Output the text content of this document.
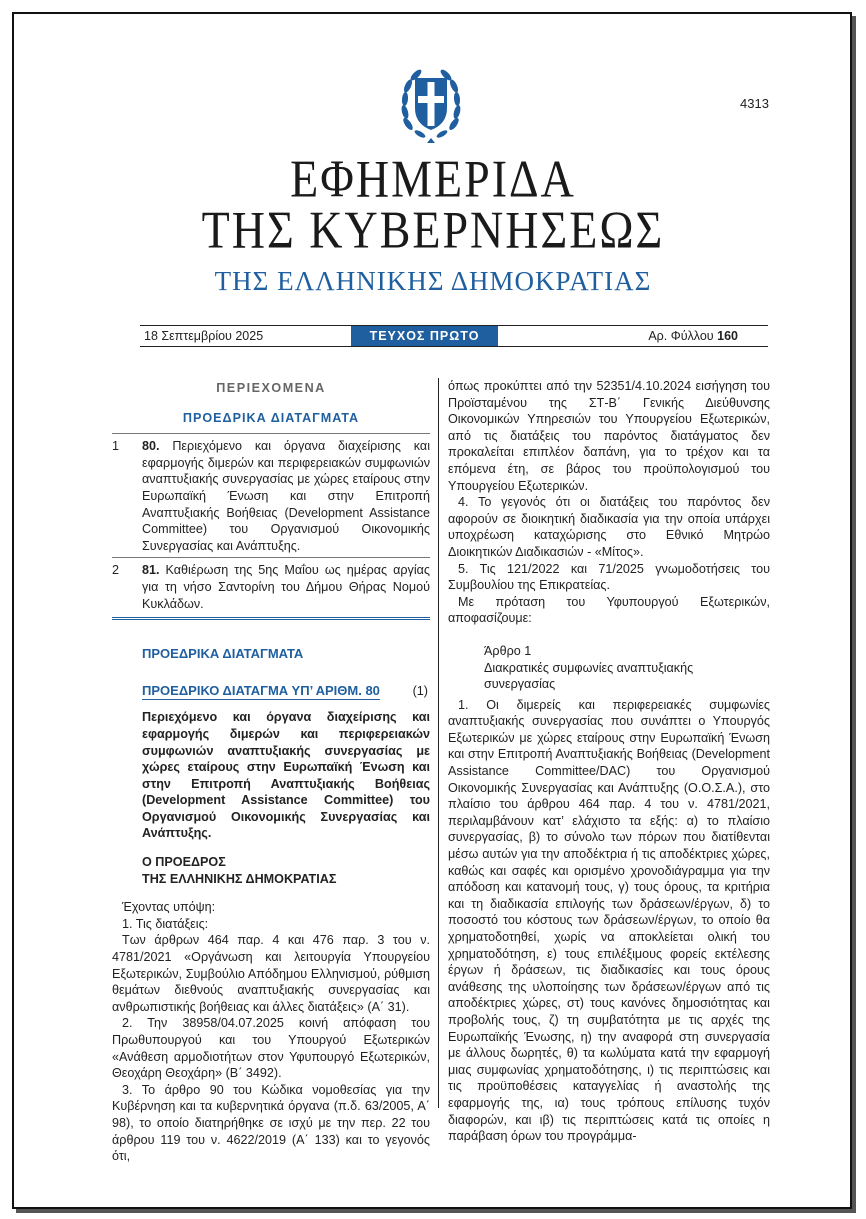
4313
ΕΦΗΜΕΡΙΔΑ
ΤΗΣ ΚΥΒΕΡΝΗΣΕΩΣ
ΤΗΣ ΕΛΛΗΝΙΚΗΣ ΔΗΜΟΚΡΑΤΙΑΣ
18 Σεπτεμβρίου 2025	ΤΕΥΧΟΣ ΠΡΩΤΟ	Αρ. Φύλλου 160
ΠΕΡΙΕΧΟΜΕΝΑ
ΠΡΟΕΔΡΙΚΑ ΔΙΑΤΑΓΜΑΤΑ
1	80. Περιεχόμενο και όργανα διαχείρισης και εφαρμογής διμερών και περιφερειακών συμφωνιών αναπτυξιακής συνεργασίας με χώρες εταίρους στην Ευρωπαϊκή Ένωση και στην Επιτροπή Αναπτυξιακής Βοήθειας (Development Assistance Committee) του Οργανισμού Οικονομικής Συνεργασίας και Ανάπτυξης.
2	81. Καθιέρωση της 5ης Μαΐου ως ημέρας αργίας για τη νήσο Σαντορίνη του Δήμου Θήρας Νομού Κυκλάδων.
ΠΡΟΕΔΡΙΚΑ ΔΙΑΤΑΓΜΑΤΑ
ΠΡΟΕΔΡΙΚΟ ΔΙΑΤΑΓΜΑ ΥΠ’ ΑΡΙΘΜ. 80	(1)
Περιεχόμενο και όργανα διαχείρισης και εφαρμογής διμερών και περιφερειακών συμφωνιών αναπτυξιακής συνεργασίας με χώρες εταίρους στην Ευρωπαϊκή Ένωση και στην Επιτροπή Αναπτυξιακής Βοήθειας (Development Assistance Committee) του Οργανισμού Οικονομικής Συνεργασίας και Ανάπτυξης.
Ο ΠΡΟΕΔΡΟΣ
ΤΗΣ ΕΛΛΗΝΙΚΗΣ ΔΗΜΟΚΡΑΤΙΑΣ

Έχοντας υπόψη:

1. Τις διατάξεις:

Των άρθρων 464 παρ. 4 και 476 παρ. 3 του ν. 4781/2021 «Οργάνωση και λειτουργία Υπουργείου Εξωτερικών, Συμβούλιο Απόδημου Ελληνισμού, ρύθμιση θεμάτων διεθνούς αναπτυξιακής συνεργασίας και ανθρωπιστικής βοήθειας και άλλες διατάξεις» (Α΄ 31).

2. Την 38958/04.07.2025 κοινή απόφαση του Πρωθυπουργού και του Υπουργού Εξωτερικών «Ανάθεση αρμοδιοτήτων στον Υφυπουργό Εξωτερικών, Θεοχάρη Θεοχάρη» (Β΄ 3492).

3. Το άρθρο 90 του Κώδικα νομοθεσίας για την Κυβέρνηση και τα κυβερνητικά όργανα (π.δ. 63/2005, Α΄ 98), το οποίο διατηρήθηκε σε ισχύ με την περ. 22 του άρθρου 119 του ν. 4622/2019 (Α΄ 133) και το γεγονός ότι,

όπως προκύπτει από την 52351/4.10.2024 εισήγηση του Προϊσταμένου της ΣΤ-Β΄ Γενικής Διεύθυνσης Οικονομικών Υπηρεσιών του Υπουργείου Εξωτερικών, από τις διατάξεις του παρόντος διατάγματος δεν προκαλείται επιπλέον δαπάνη, για το τρέχον και τα επόμενα έτη, σε βάρος του προϋπολογισμού του Υπουργείου Εξωτερικών.

4. Το γεγονός ότι οι διατάξεις του παρόντος δεν αφορούν σε διοικητική διαδικασία για την οποία υπάρχει υποχρέωση καταχώρισης στο Εθνικό Μητρώο Διοικητικών Διαδικασιών - «Μίτος».

5. Τις 121/2022 και 71/2025 γνωμοδοτήσεις του Συμβουλίου της Επικρατείας.

Με πρόταση του Υφυπουργού Εξωτερικών, αποφασίζουμε:

Άρθρο 1
Διακρατικές συμφωνίες αναπτυξιακής
συνεργασίας

1. Οι διμερείς και περιφερειακές συμφωνίες αναπτυξιακής συνεργασίας που συνάπτει ο Υπουργός Εξωτερικών με χώρες εταίρους στην Ευρωπαϊκή Ένωση και στην Επιτροπή Αναπτυξιακής Βοήθειας (Development Assistance Committee/DAC) του Οργανισμού Οικονομικής Συνεργασίας και Ανάπτυξης (Ο.Ο.Σ.Α.), στο πλαίσιο του άρθρου 464 παρ. 4 του ν. 4781/2021, περιλαμβάνουν κατ’ ελάχιστο τα εξής: α) το πλαίσιο συνεργασίας, β) το σύνολο των πόρων που διατίθενται μέσω αυτών για την αποδέκτρια ή τις αποδέκτριες χώρες, καθώς και σαφές και ορισμένο χρονοδιάγραμμα για την απόδοση και κατανομή τους, γ) τους όρους, τα κριτήρια και τη διαδικασία επιλογής των δράσεων/έργων, δ) το ποσοστό του κόστους των δράσεων/έργων, το οποίο θα χρηματοδοτηθεί, χωρίς να αποκλείεται ολική του χρηματοδότηση, ε) τους επιλέξιμους φορείς εκτέλεσης έργων ή δράσεων, τις διαδικασίες και τους όρους ανάθεσης της υλοποίησης των δράσεων/έργων από τις αποδέκτριες χώρες, στ) τους κανόνες δημοσιότητας και προβολής τους, ζ) τη συμβατότητα με τις αρχές της Ευρωπαϊκής Ένωσης, η) την αναφορά στη συνεργασία με άλλους δωρητές, θ) τα κωλύματα κατά την εφαρμογή μιας συμφωνίας χρηματοδότησης, ι) τις περιπτώσεις και τις προϋποθέσεις καταγγελίας ή αναστολής της εφαρμογής της, ια) τους τρόπους επίλυσης τυχόν διαφορών, και ιβ) τις περιπτώσεις κατά τις οποίες η παράβαση όρων του προγράμμα-
